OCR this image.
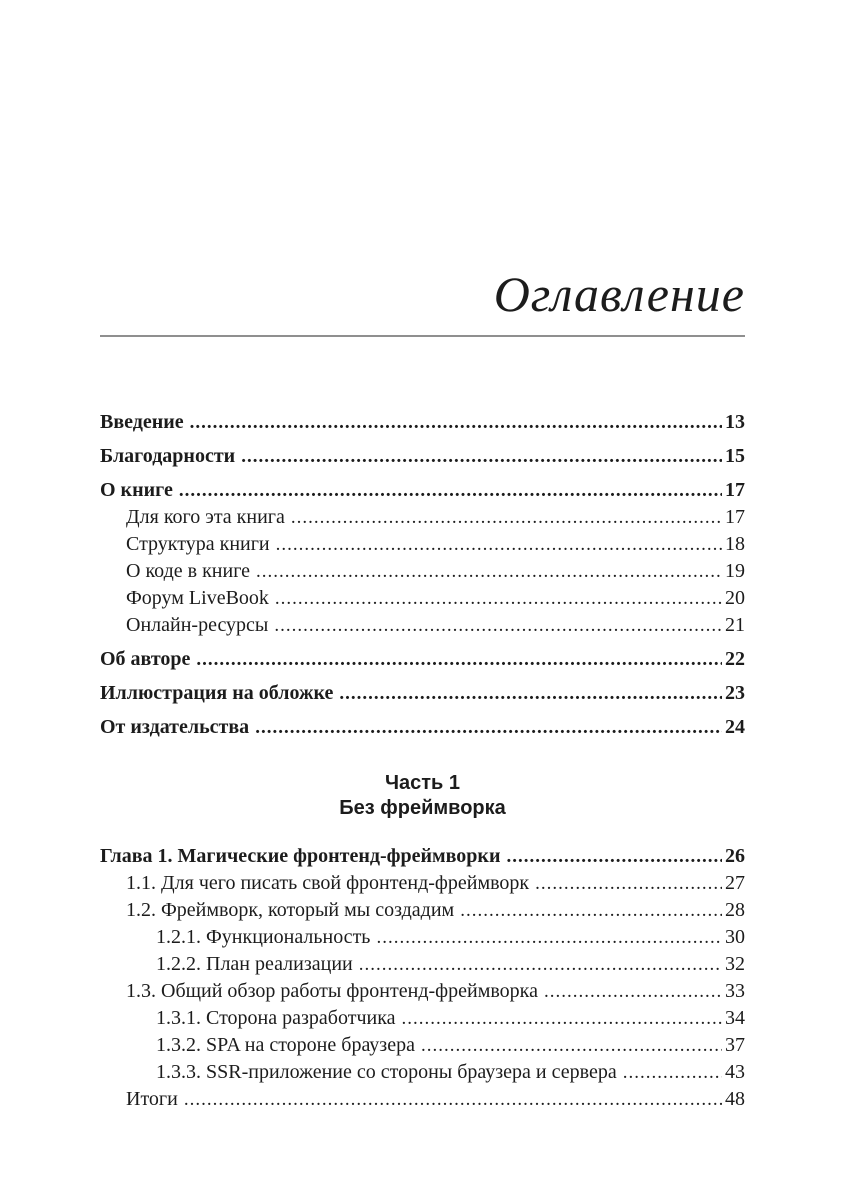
Оглавление
Введение .....	13
Благодарности .....	15
О книге .....	17
Для кого эта книга .....	17
Структура книги .....	18
О коде в книге .....	19
Форум LiveBook .....	20
Онлайн-ресурсы .....	21
Об авторе .....	22
Иллюстрация на обложке .....	23
От издательства .....	24
Часть 1
Без фреймворка
Глава 1. Магические фронтенд-фреймворки .....	26
1.1. Для чего писать свой фронтенд-фреймворк .....	27
1.2. Фреймворк, который мы создадим .....	28
1.2.1. Функциональность .....	30
1.2.2. План реализации .....	32
1.3. Общий обзор работы фронтенд-фреймворка .....	33
1.3.1. Сторона разработчика .....	34
1.3.2. SPA на стороне браузера .....	37
1.3.3. SSR-приложение со стороны браузера и сервера .....	43
Итоги .....	48
